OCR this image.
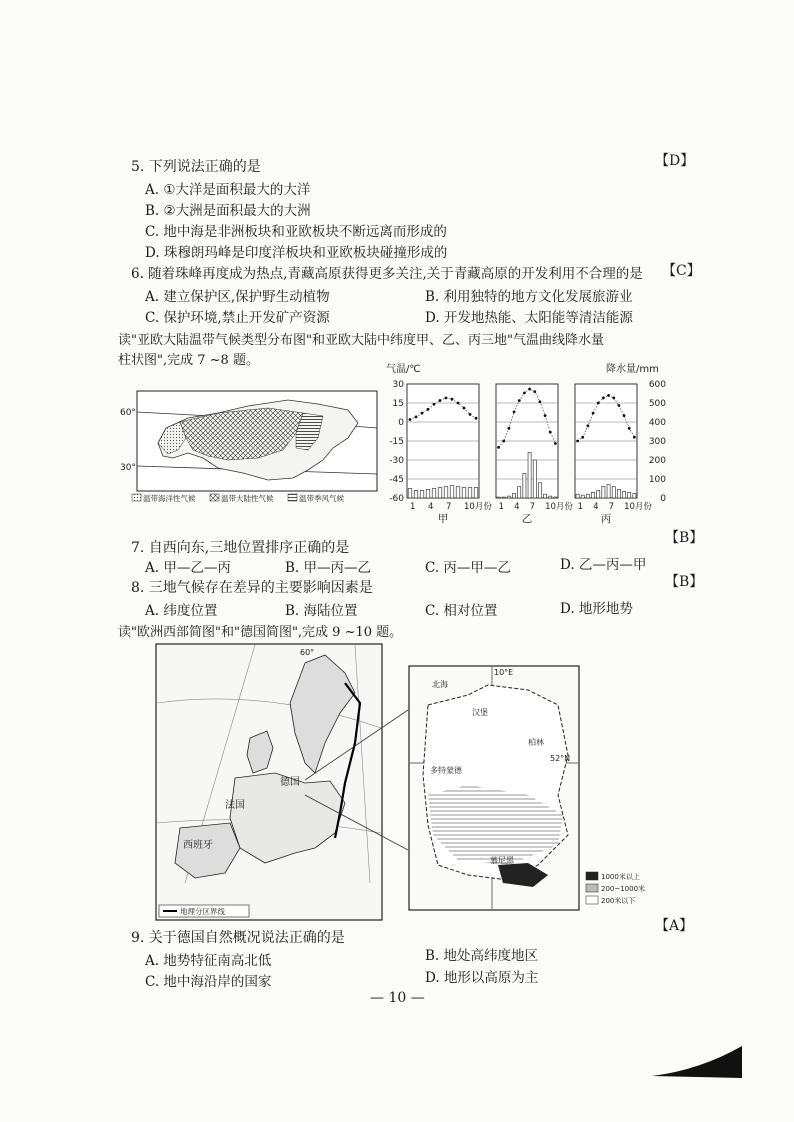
5. 下列说法正确的是	【D】
A. ①大洋是面积最大的大洋
B. ②大洲是面积最大的大洲
C. 地中海是非洲板块和亚欧板块不断远离而形成的
D. 珠穆朗玛峰是印度洋板块和亚欧板块碰撞形成的
6. 随着珠峰再度成为热点,青藏高原获得更多关注,关于青藏高原的开发利用不合理的是 【C】
A. 建立保护区,保护野生动植物	B. 利用独特的地方文化发展旅游业
C. 保护环境,禁止开发矿产资源	D. 开发地热能、太阳能等清洁能源
读"亚欧大陆温带气候类型分布图"和亚欧大陆中纬度甲、乙、丙三地"气温曲线降水量
柱状图",完成 7 ~8 题。
60°
30°
温带海洋性气候	温带大陆性气候	温带季风气候
气温/℃	降水量/mm
30
15
0
-15
-30
-45
-60
600
500
400
300
200
100
0
1 4 7 10月份
甲
1 4 7 10月份
乙
1 4 7 10月份
丙
【B】
7. 自西向东,三地位置排序正确的是
A. 甲—乙—丙	B. 甲—丙—乙	C. 丙—甲—乙	D. 乙—丙—甲
【B】
8. 三地气候存在差异的主要影响因素是
A. 纬度位置	B. 海陆位置	C. 相对位置	D. 地形地势
读"欧洲西部简图"和"德国简图",完成 9 ~10 题。
60°
德国
法国
西班牙
地理分区界线
10°E
52°N
北海
汉堡
柏林
多特蒙德
慕尼黑
1000米以上
200~1000米
200米以下
【A】
9. 关于德国自然概况说法正确的是
A. 地势特征南高北低	B. 地处高纬度地区
C. 地中海沿岸的国家	D. 地形以高原为主
— 10 —
